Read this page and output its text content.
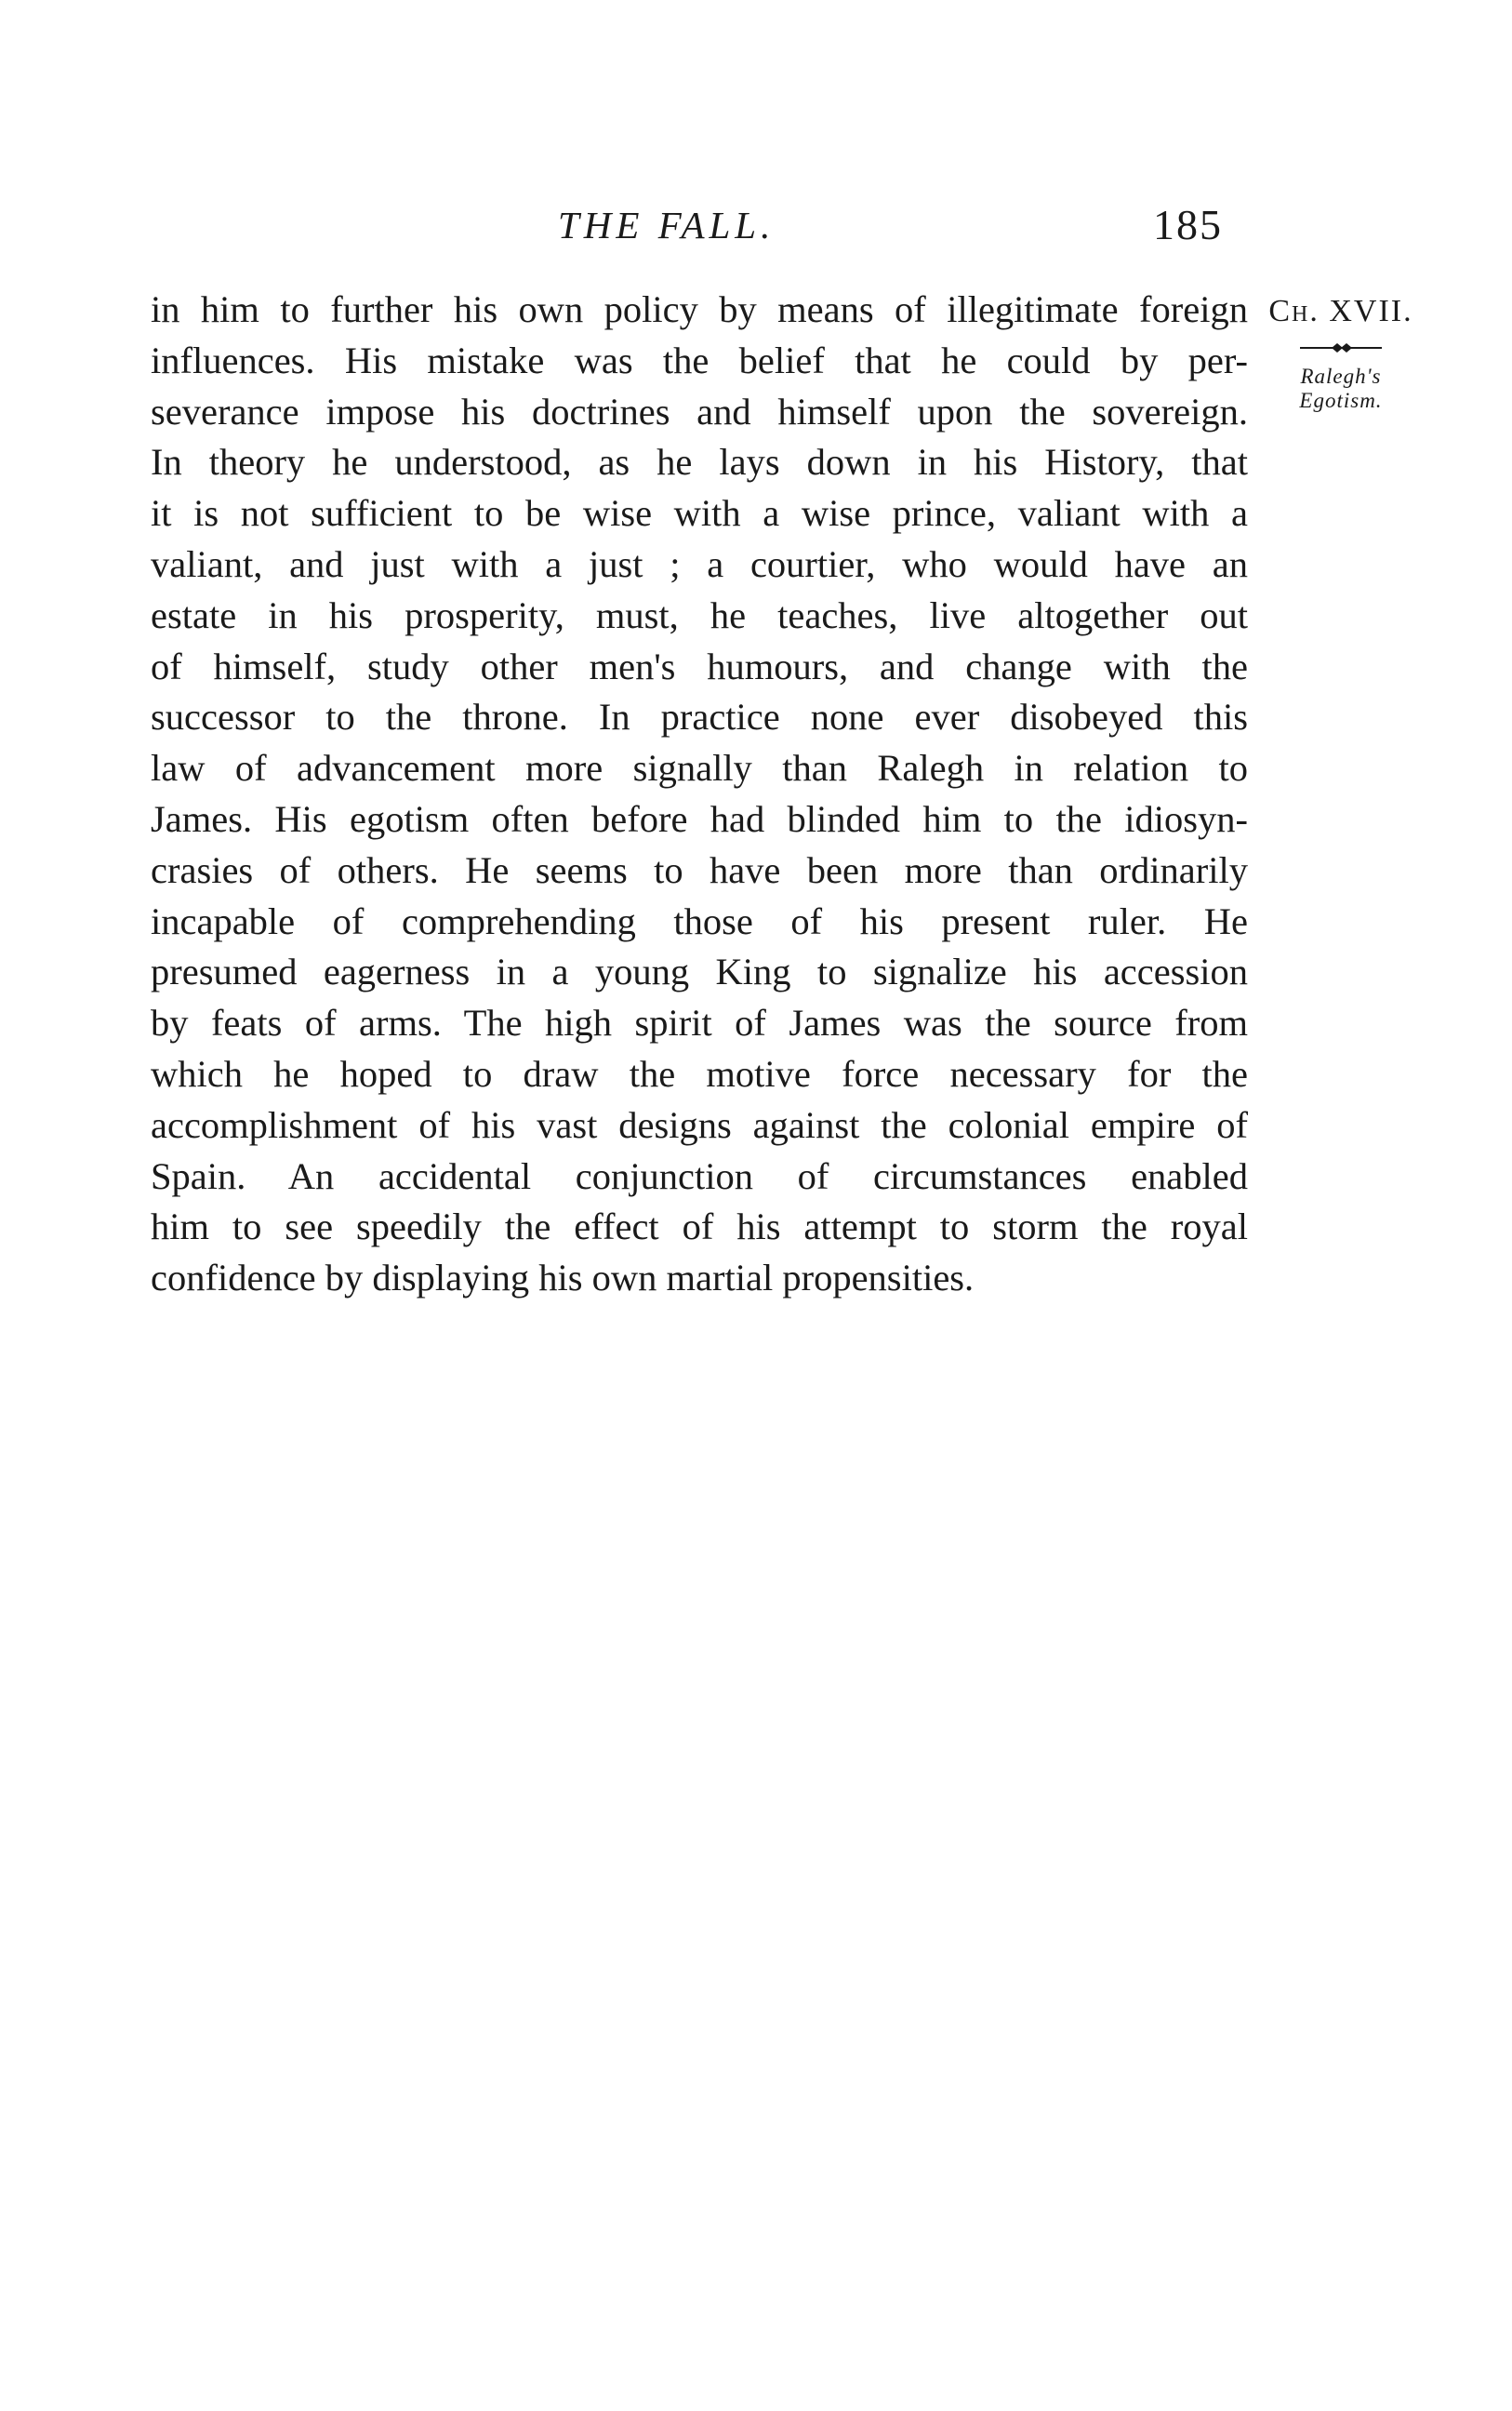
THE FALL.	185
in him to further his own policy by means of illegitimate foreign
influences. His mistake was the belief that he could by per-
severance impose his doctrines and himself upon the sovereign.
In theory he understood, as he lays down in his History, that
it is not sufficient to be wise with a wise prince, valiant with a
valiant, and just with a just ; a courtier, who would have an
estate in his prosperity, must, he teaches, live altogether out
of himself, study other men's humours, and change with the
successor to the throne. In practice none ever disobeyed this
law of advancement more signally than Ralegh in relation to
James. His egotism often before had blinded him to the idiosyn-
crasies of others. He seems to have been more than ordinarily
incapable of comprehending those of his present ruler. He
presumed eagerness in a young King to signalize his accession
by feats of arms. The high spirit of James was the source from
which he hoped to draw the motive force necessary for the
accomplishment of his vast designs against the colonial empire of
Spain. An accidental conjunction of circumstances enabled
him to see speedily the effect of his attempt to storm the royal
confidence by displaying his own martial propensities.
Ch. XVII.
Ralegh's
Egotism.
